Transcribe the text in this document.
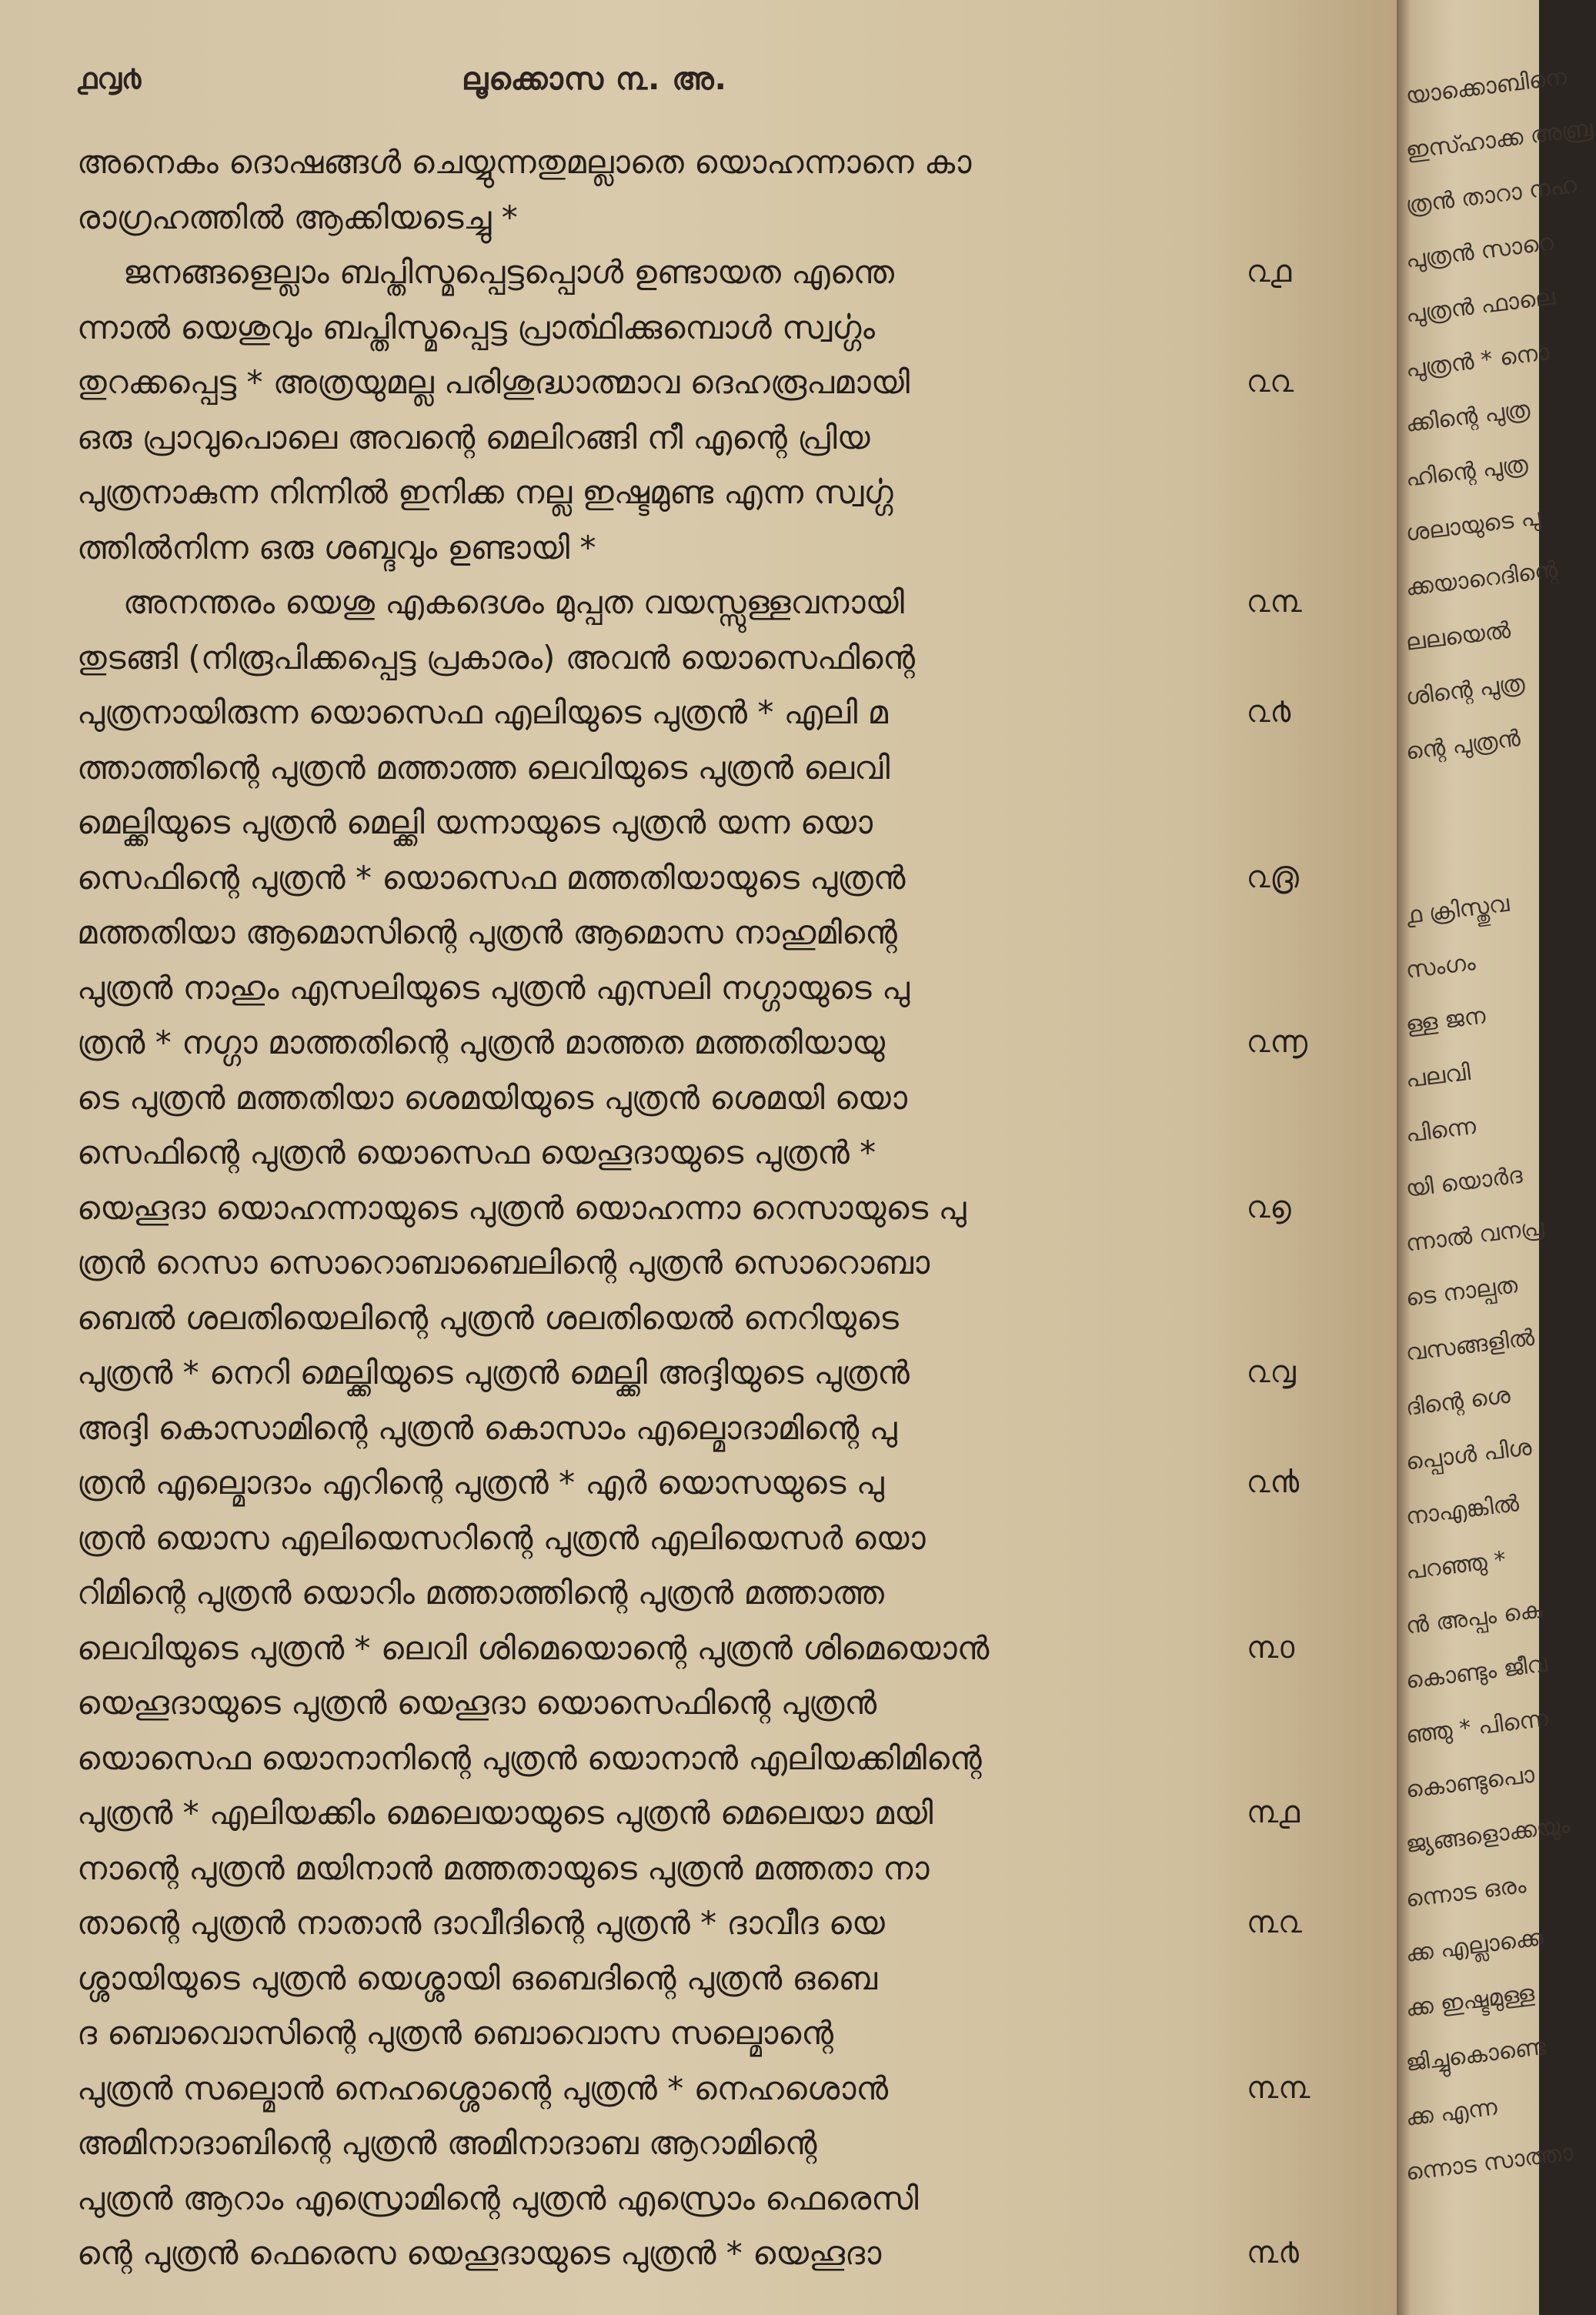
൧൮൪	ലൂക്കൊസ ൩. അ.
അനെകം ദൊഷങ്ങൾ ചെയ്യുന്നതുമല്ലാതെ യൊഹന്നാനെ കാ
രാഗ്രഹത്തിൽ ആക്കിയടെച്ചു *
ജനങ്ങളെല്ലാം ബപ്തിസ്മപ്പെട്ടപ്പൊൾ ഉണ്ടായത എന്തെ
ന്നാൽ യെശുവും ബപ്തിസ്മപ്പെട്ട പ്രാൎത്ഥിക്കുമ്പൊൾ സ്വൎഗ്ഗം
തുറക്കപ്പെട്ട * അത്രയുമല്ല പരിശുദ്ധാത്മാവ ദെഹരൂപമായി
ഒരു പ്രാവുപൊലെ അവന്റെ മെലിറങ്ങി നീ എന്റെ പ്രിയ
പുത്രനാകുന്ന നിന്നിൽ ഇനിക്ക നല്ല ഇഷ്ടമുണ്ട എന്ന സ്വൎഗ്ഗ
ത്തിൽനിന്ന ഒരു ശബ്ദവും ഉണ്ടായി *
അനന്തരം യെശു എകദെശം മുപ്പത വയസ്സുള്ളവനായി
തുടങ്ങി (നിരൂപിക്കപ്പെട്ട പ്രകാരം) അവൻ യൊസെഫിന്റെ
പുത്രനായിരുന്ന യൊസെഫ എലിയുടെ പുത്രൻ * എലി മ
ത്താത്തിന്റെ പുത്രൻ മത്താത്ത ലെവിയുടെ പുത്രൻ ലെവി
മെല്ക്കിയുടെ പുത്രൻ മെല്ക്കി യന്നായുടെ പുത്രൻ യന്ന യൊ
സെഫിന്റെ പുത്രൻ * യൊസെഫ മത്തതിയായുടെ പുത്രൻ
മത്തതിയാ ആമൊസിന്റെ പുത്രൻ ആമൊസ നാഹുമിന്റെ
പുത്രൻ നാഹും എസലിയുടെ പുത്രൻ എസലി നഗ്ഗായുടെ പു
ത്രൻ * നഗ്ഗാ മാത്തതിന്റെ പുത്രൻ മാത്തത മത്തതിയായു
ടെ പുത്രൻ മത്തതിയാ ശെമയിയുടെ പുത്രൻ ശെമയി യൊ
സെഫിന്റെ പുത്രൻ യൊസെഫ യെഹൂദായുടെ പുത്രൻ *
യെഹൂദാ യൊഹന്നായുടെ പുത്രൻ യൊഹന്നാ റെസായുടെ പു
ത്രൻ റെസാ സൊറൊബാബെലിന്റെ പുത്രൻ സൊറൊബാ
ബെൽ ശലതിയെലിന്റെ പുത്രൻ ശലതിയെൽ നെറിയുടെ
പുത്രൻ * നെറി മെല്ക്കിയുടെ പുത്രൻ മെല്ക്കി അദ്ദിയുടെ പുത്രൻ
അദ്ദി കൊസാമിന്റെ പുത്രൻ കൊസാം എല്മൊദാമിന്റെ പു
ത്രൻ എല്മൊദാം എറിന്റെ പുത്രൻ * എർ യൊസയുടെ പു
ത്രൻ യൊസ എലിയെസറിന്റെ പുത്രൻ എലിയെസർ യൊ
റിമിന്റെ പുത്രൻ യൊറിം മത്താത്തിന്റെ പുത്രൻ മത്താത്ത
ലെവിയുടെ പുത്രൻ * ലെവി ശിമെയൊന്റെ പുത്രൻ ശിമെയൊൻ
യെഹൂദായുടെ പുത്രൻ യെഹൂദാ യൊസെഫിന്റെ പുത്രൻ
യൊസെഫ യൊനാനിന്റെ പുത്രൻ യൊനാൻ എലിയക്കിമിന്റെ
പുത്രൻ * എലിയക്കിം മെലെയായുടെ പുത്രൻ മെലെയാ മയി
നാന്റെ പുത്രൻ മയിനാൻ മത്തതായുടെ പുത്രൻ മത്തതാ നാ
താന്റെ പുത്രൻ നാതാൻ ദാവീദിന്റെ പുത്രൻ * ദാവീദ യെ
ശ്ശായിയുടെ പുത്രൻ യെശ്ശായി ഒബെദിന്റെ പുത്രൻ ഒബെ
ദ ബൊവൊസിന്റെ പുത്രൻ ബൊവൊസ സല്മൊന്റെ
പുത്രൻ സല്മൊൻ നെഹശ്ശൊന്റെ പുത്രൻ * നെഹശൊൻ
അമിനാദാബിന്റെ പുത്രൻ അമിനാദാബ ആറാമിന്റെ
പുത്രൻ ആറാം എസ്രൊമിന്റെ പുത്രൻ എസ്രൊം ഫെരെസി
ന്റെ പുത്രൻ ഫെരെസ യെഹൂദായുടെ പുത്രൻ * യെഹൂദാ
൨൧
൨൨
൨൩
൨൪
൨൫
൨൬
൨൭
൨൮
൨൯
൩൦
൩൧
൩൨
൩൩
൩൪
യാക്കൊബിനെ
ഇസ്ഹാക്ക അബ്ര
ത്രൻ താറാ നഹ
പുത്രൻ സാറെ
പുത്രൻ ഫാലെ
പുത്രൻ * നൊ
ക്കിന്റെ പുത്ര
ഹിന്റെ പുത്ര
ശലായുടെ പു
ക്കയാറെദിന്റെ
ലലയെൽ
ശിന്റെ പുത്ര
ന്റെ പുത്രൻ
൧ ക്രിസ്തുവ
സംഗം
ള്ള ജന
പലവി
പിന്നെ
യി യൊർദ
ന്നാൽ വനപ്ര
ടെ നാല്പത
വസങ്ങളിൽ
ദിന്റെ ശെ
പ്പൊൾ പിശ
നാഎങ്കിൽ
പറഞ്ഞു *
ൻ അപ്പം കെ
കൊണ്ടും ജീവ
ഞ്ഞു * പിന്നെ
കൊണ്ടുപൊ
ജ്യങ്ങളൊക്കയും
ന്നൊട ഒരം
ക്ക എല്ലാക്കെ
ക്ക ഇഷ്ടമുള്ള
ജിച്ചുകൊണ്ടെ
ക്ക എന്ന
ന്നൊട സാത്താ
